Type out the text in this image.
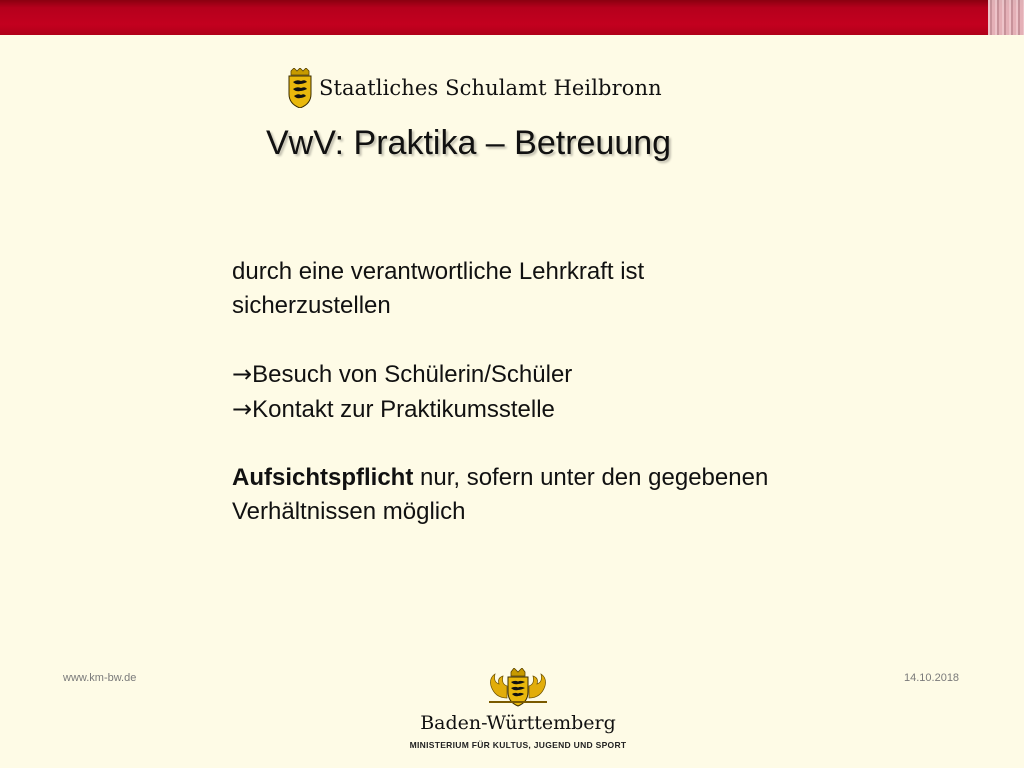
Staatliches Schulamt Heilbronn
VwV: Praktika – Betreuung

durch eine verantwortliche Lehrkraft ist sicherzustellen

→Besuch von Schülerin/Schüler

→Kontakt zur Praktikumsstelle

Aufsichtspflicht nur, sofern unter den gegebenen Verhältnissen möglich

www.km-bw.de	14.10.2018
Baden-Württemberg
MINISTERIUM FÜR KULTUS, JUGEND UND SPORT
